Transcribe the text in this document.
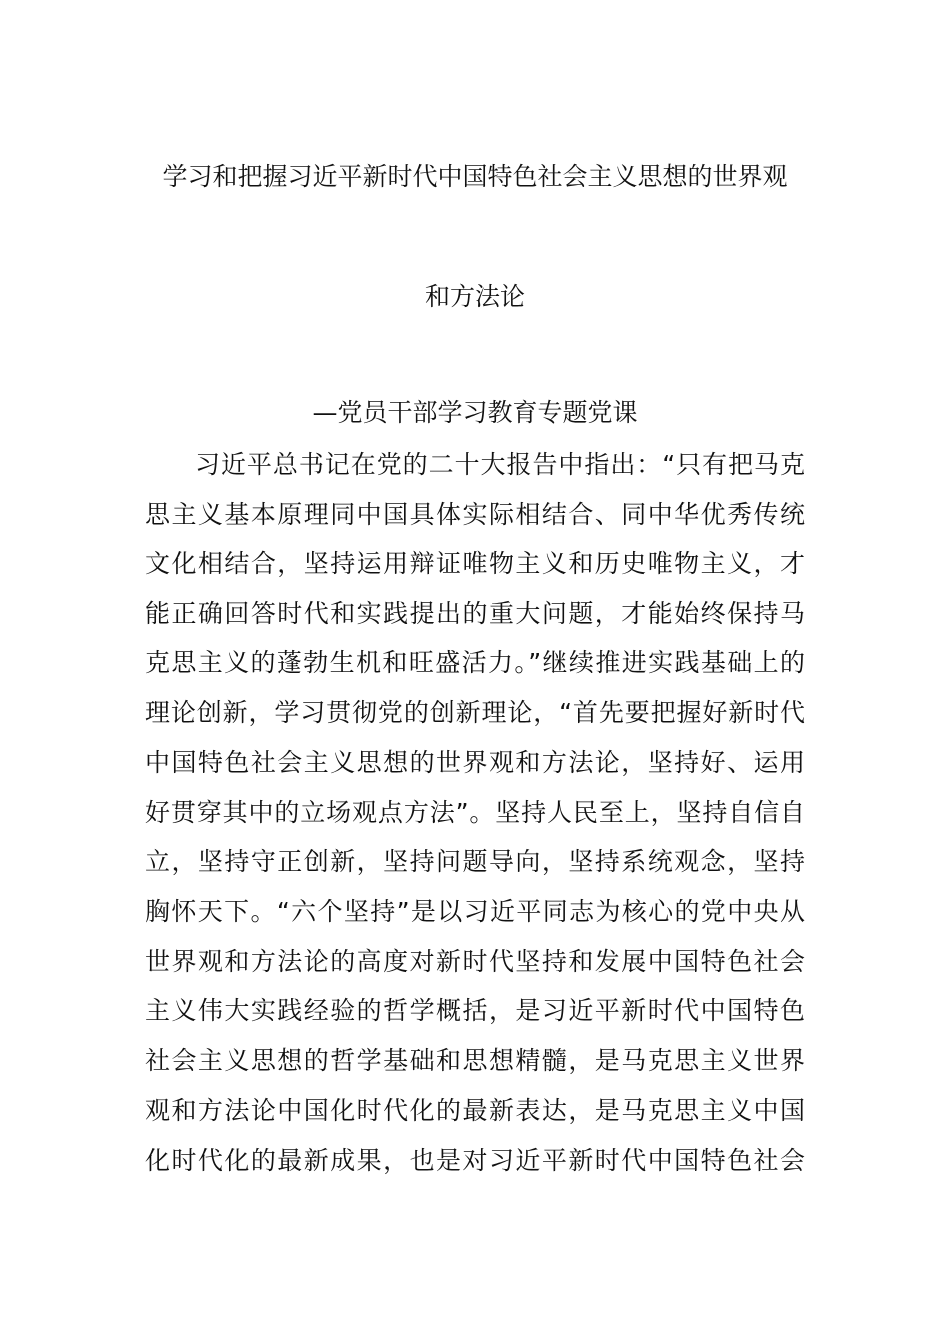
学习和把握习近平新时代中国特色社会主义思想的世界观
和方法论
—党员干部学习教育专题党课
习近平总书记在党的二十大报告中指出：“只有把马克
思主义基本原理同中国具体实际相结合、同中华优秀传统
文化相结合，坚持运用辩证唯物主义和历史唯物主义，才
能正确回答时代和实践提出的重大问题，才能始终保持马
克思主义的蓬勃生机和旺盛活力。”继续推进实践基础上的
理论创新，学习贯彻党的创新理论，“首先要把握好新时代
中国特色社会主义思想的世界观和方法论，坚持好、运用
好贯穿其中的立场观点方法”。坚持人民至上，坚持自信自
立，坚持守正创新，坚持问题导向，坚持系统观念，坚持
胸怀天下。“六个坚持”是以习近平同志为核心的党中央从
世界观和方法论的高度对新时代坚持和发展中国特色社会
主义伟大实践经验的哲学概括，是习近平新时代中国特色
社会主义思想的哲学基础和思想精髓，是马克思主义世界
观和方法论中国化时代化的最新表达，是马克思主义中国
化时代化的最新成果，也是对习近平新时代中国特色社会
